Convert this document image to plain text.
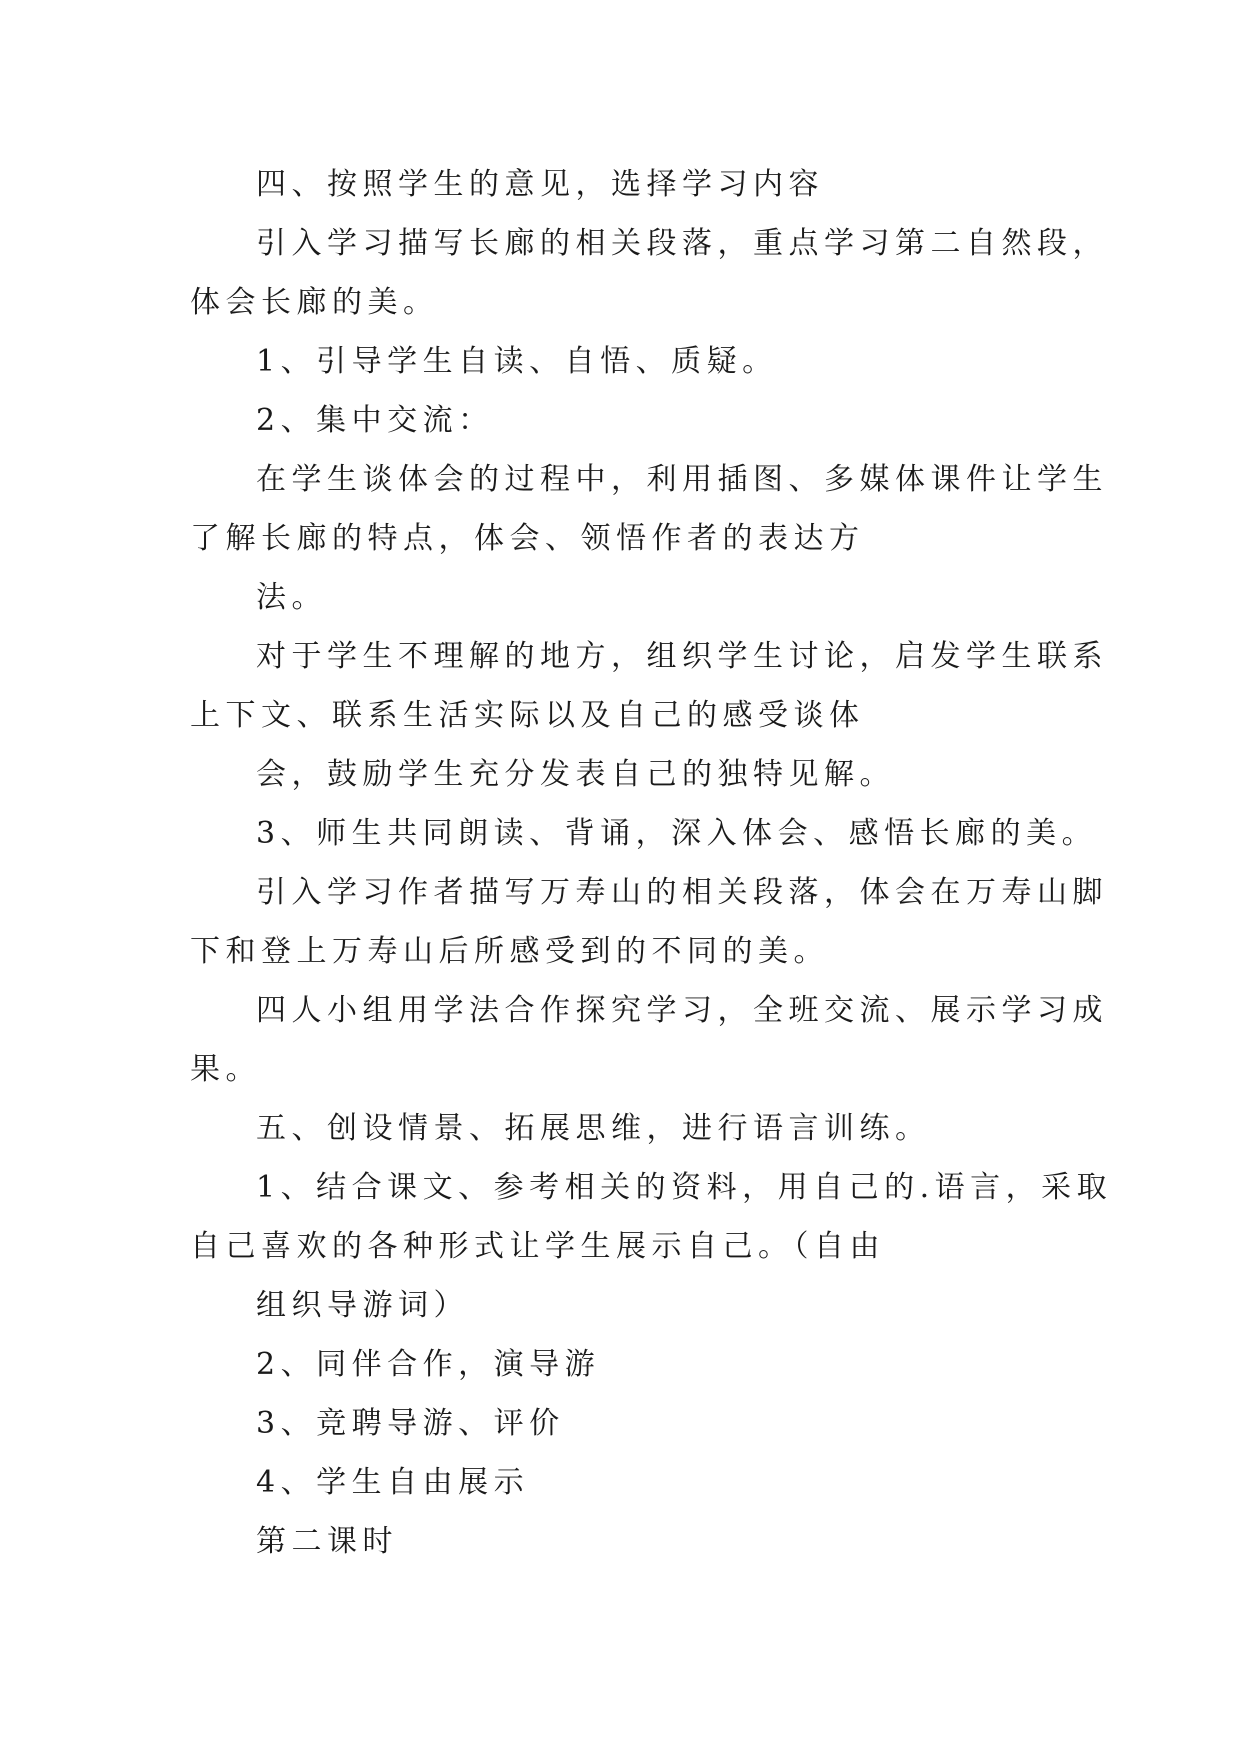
四、按照学生的意见，选择学习内容
引入学习描写长廊的相关段落，重点学习第二自然段，
体会长廊的美。
1、引导学生自读、自悟、质疑。
2、集中交流：
在学生谈体会的过程中，利用插图、多媒体课件让学生
了解长廊的特点，体会、领悟作者的表达方
法。
对于学生不理解的地方，组织学生讨论，启发学生联系
上下文、联系生活实际以及自己的感受谈体
会，鼓励学生充分发表自己的独特见解。
3、师生共同朗读、背诵，深入体会、感悟长廊的美。
引入学习作者描写万寿山的相关段落，体会在万寿山脚
下和登上万寿山后所感受到的不同的美。
四人小组用学法合作探究学习，全班交流、展示学习成
果。
五、创设情景、拓展思维，进行语言训练。
1、结合课文、参考相关的资料，用自己的.语言，采取
自己喜欢的各种形式让学生展示自己。（自由
组织导游词）
2、同伴合作，演导游
3、竞聘导游、评价
4、学生自由展示
第二课时
